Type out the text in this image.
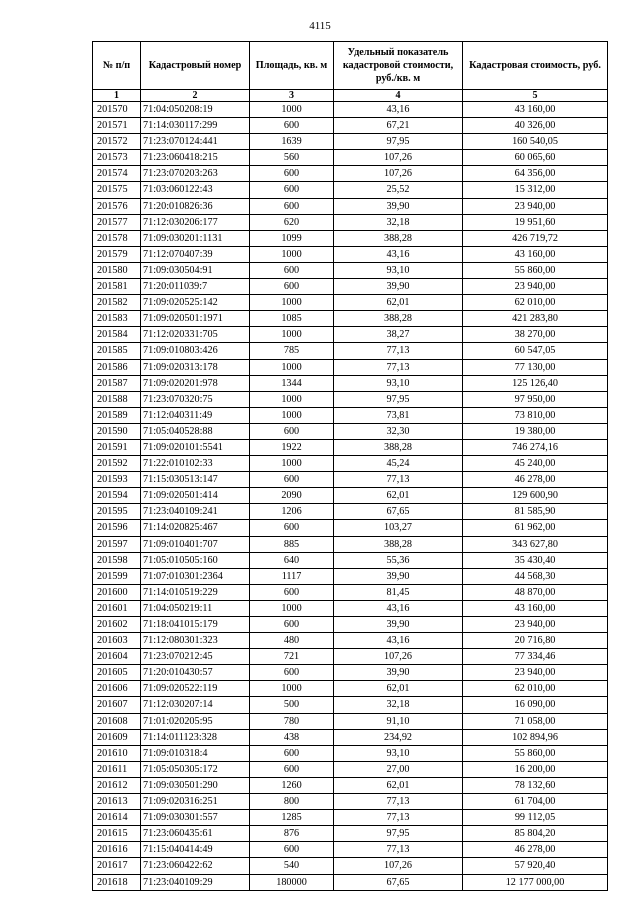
4115
№ п/п	Кадастровый номер	Площадь, кв. м	Удельный показатель кадастровой стоимости, руб./кв. м	Кадастровая стоимость, руб.
1	2	3	4	5
201570	71:04:050208:19	1000	43,16	43 160,00
201571	71:14:030117:299	600	67,21	40 326,00
201572	71:23:070124:441	1639	97,95	160 540,05
201573	71:23:060418:215	560	107,26	60 065,60
201574	71:23:070203:263	600	107,26	64 356,00
201575	71:03:060122:43	600	25,52	15 312,00
201576	71:20:010826:36	600	39,90	23 940,00
201577	71:12:030206:177	620	32,18	19 951,60
201578	71:09:030201:1131	1099	388,28	426 719,72
201579	71:12:070407:39	1000	43,16	43 160,00
201580	71:09:030504:91	600	93,10	55 860,00
201581	71:20:011039:7	600	39,90	23 940,00
201582	71:09:020525:142	1000	62,01	62 010,00
201583	71:09:020501:1971	1085	388,28	421 283,80
201584	71:12:020331:705	1000	38,27	38 270,00
201585	71:09:010803:426	785	77,13	60 547,05
201586	71:09:020313:178	1000	77,13	77 130,00
201587	71:09:020201:978	1344	93,10	125 126,40
201588	71:23:070320:75	1000	97,95	97 950,00
201589	71:12:040311:49	1000	73,81	73 810,00
201590	71:05:040528:88	600	32,30	19 380,00
201591	71:09:020101:5541	1922	388,28	746 274,16
201592	71:22:010102:33	1000	45,24	45 240,00
201593	71:15:030513:147	600	77,13	46 278,00
201594	71:09:020501:414	2090	62,01	129 600,90
201595	71:23:040109:241	1206	67,65	81 585,90
201596	71:14:020825:467	600	103,27	61 962,00
201597	71:09:010401:707	885	388,28	343 627,80
201598	71:05:010505:160	640	55,36	35 430,40
201599	71:07:010301:2364	1117	39,90	44 568,30
201600	71:14:010519:229	600	81,45	48 870,00
201601	71:04:050219:11	1000	43,16	43 160,00
201602	71:18:041015:179	600	39,90	23 940,00
201603	71:12:080301:323	480	43,16	20 716,80
201604	71:23:070212:45	721	107,26	77 334,46
201605	71:20:010430:57	600	39,90	23 940,00
201606	71:09:020522:119	1000	62,01	62 010,00
201607	71:12:030207:14	500	32,18	16 090,00
201608	71:01:020205:95	780	91,10	71 058,00
201609	71:14:011123:328	438	234,92	102 894,96
201610	71:09:010318:4	600	93,10	55 860,00
201611	71:05:050305:172	600	27,00	16 200,00
201612	71:09:030501:290	1260	62,01	78 132,60
201613	71:09:020316:251	800	77,13	61 704,00
201614	71:09:030301:557	1285	77,13	99 112,05
201615	71:23:060435:61	876	97,95	85 804,20
201616	71:15:040414:49	600	77,13	46 278,00
201617	71:23:060422:62	540	107,26	57 920,40
201618	71:23:040109:29	180000	67,65	12 177 000,00
